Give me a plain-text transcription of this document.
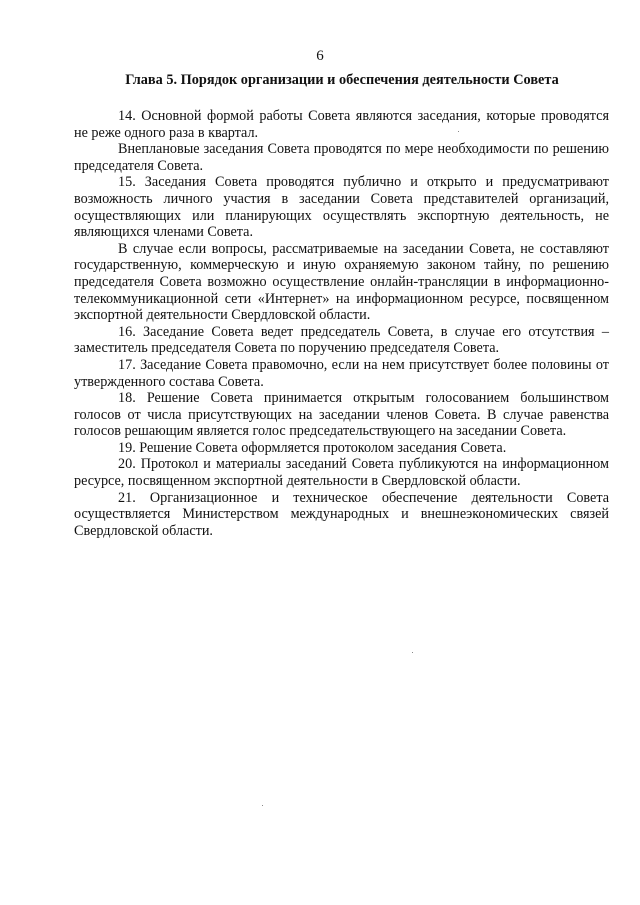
6
Глава 5. Порядок организации и обеспечения деятельности Совета

14. Основной формой работы Совета являются заседания, которые проводятся не реже одного раза в квартал.

Внеплановые заседания Совета проводятся по мере необходимости по решению председателя Совета.

15. Заседания Совета проводятся публично и открыто и предусматривают возможность личного участия в заседании Совета представителей организаций, осуществляющих или планирующих осуществлять экспортную деятельность, не являющихся членами Совета.

В случае если вопросы, рассматриваемые на заседании Совета, не составляют государственную, коммерческую и иную охраняемую законом тайну, по решению председателя Совета возможно осуществление онлайн-трансляции в информационно-телекоммуникационной сети «Интернет» на информационном ресурсе, посвященном экспортной деятельности Свердловской области.

16. Заседание Совета ведет председатель Совета, в случае его отсутствия – заместитель председателя Совета по поручению председателя Совета.

17. Заседание Совета правомочно, если на нем присутствует более половины от утвержденного состава Совета.

18. Решение Совета принимается открытым голосованием большинством голосов от числа присутствующих на заседании членов Совета. В случае равенства голосов решающим является голос председательствующего на заседании Совета.

19. Решение Совета оформляется протоколом заседания Совета.

20. Протокол и материалы заседаний Совета публикуются на информационном ресурсе, посвященном экспортной деятельности в Свердловской области.

21. Организационное и техническое обеспечение деятельности Совета осуществляется Министерством международных и внешнеэкономических связей Свердловской области.
